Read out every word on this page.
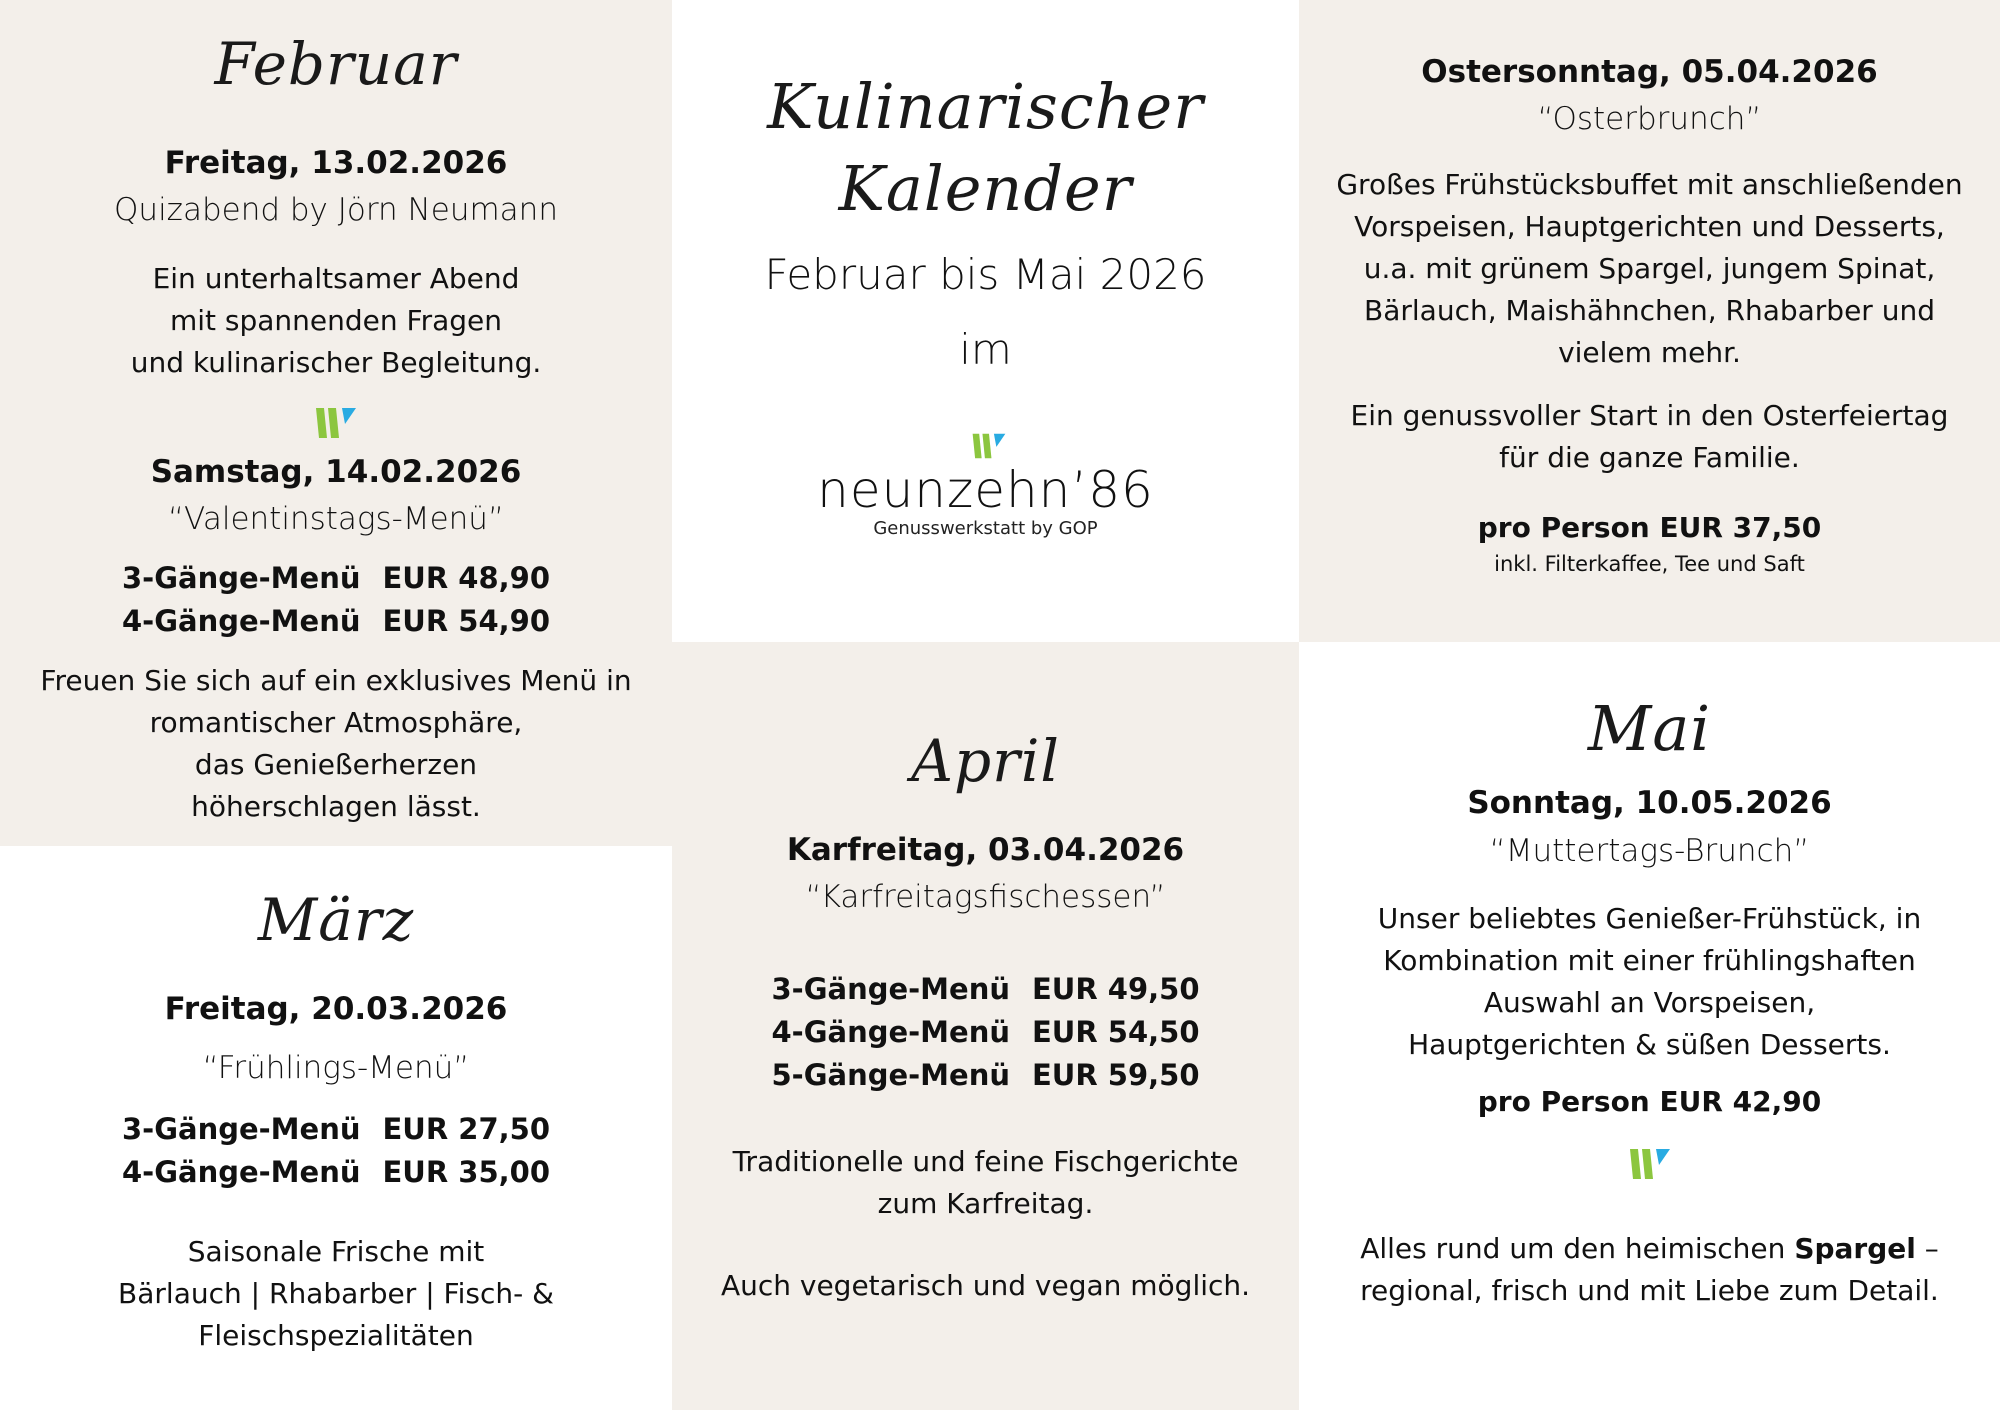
Februar

Freitag, 13.02.2026

Quizabend by Jörn Neumann

Ein unterhaltsamer Abend

mit spannenden Fragen

und kulinarischer Begleitung.

Samstag, 14.02.2026

“Valentinstags-Menü”

3-Gänge-Menü EUR 48,90

4-Gänge-Menü EUR 54,90

Freuen Sie sich auf ein exklusives Menü in

romantischer Atmosphäre,

das Genießerherzen

höherschlagen lässt.

Kulinarischer
Kalender

Februar bis Mai 2026

im

neunzehn’86
Genusswerkstatt by GOP

Ostersonntag, 05.04.2026

“Osterbrunch”

Großes Frühstücksbuffet mit anschließenden

Vorspeisen, Hauptgerichten und Desserts,

u.a. mit grünem Spargel, jungem Spinat,

Bärlauch, Maishähnchen, Rhabarber und

vielem mehr.

Ein genussvoller Start in den Osterfeiertag

für die ganze Familie.

pro Person EUR 37,50

inkl. Filterkaffee, Tee und Saft

März

Freitag, 20.03.2026

“Frühlings-Menü”

3-Gänge-Menü EUR 27,50

4-Gänge-Menü EUR 35,00

Saisonale Frische mit

Bärlauch | Rhabarber | Fisch- &

Fleischspezialitäten

April

Karfreitag, 03.04.2026

“Karfreitagsfischessen”

3-Gänge-Menü EUR 49,50

4-Gänge-Menü EUR 54,50

5-Gänge-Menü EUR 59,50

Traditionelle und feine Fischgerichte

zum Karfreitag.

Auch vegetarisch und vegan möglich.

Mai

Sonntag, 10.05.2026

“Muttertags-Brunch”

Unser beliebtes Genießer-Frühstück, in

Kombination mit einer frühlingshaften

Auswahl an Vorspeisen,

Hauptgerichten & süßen Desserts.

pro Person EUR 42,90

Alles rund um den heimischen Spargel –

regional, frisch und mit Liebe zum Detail.
